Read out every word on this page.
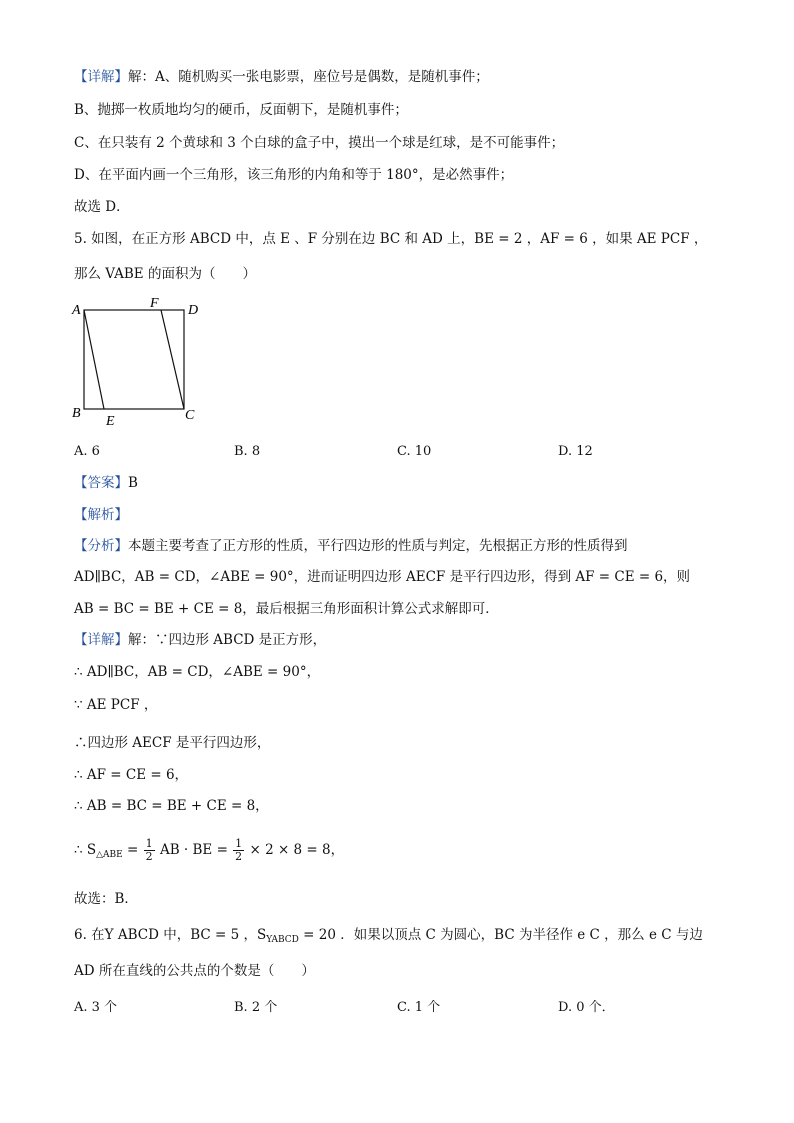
【详解】解：A、随机购买一张电影票，座位号是偶数，是随机事件；
B、抛掷一枚质地均匀的硬币，反面朝下，是随机事件；
C、在只装有 2 个黄球和 3 个白球的盒子中，摸出一个球是红球，是不可能事件；
D、在平面内画一个三角形，该三角形的内角和等于 180°，是必然事件；
故选 D．
5. 如图，在正方形 ABCD 中，点 E 、F 分别在边 BC 和 AD 上，BE = 2 ，AF = 6 ，如果 AE PCF ，
那么 VABE 的面积为（　　）
A	F D
B
E	C
A. 6	B. 8	C. 10	D. 12
【答案】B
【解析】
【分析】本题主要考查了正方形的性质，平行四边形的性质与判定，先根据正方形的性质得到
AD∥BC，AB = CD，∠ABE = 90°，进而证明四边形 AECF 是平行四边形，得到 AF = CE = 6，则
AB = BC = BE + CE = 8，最后根据三角形面积计算公式求解即可．
【详解】解：∵四边形 ABCD 是正方形，
∴ AD∥BC，AB = CD，∠ABE = 90°，
∵ AE PCF ，
∴四边形 AECF 是平行四边形，
∴ AF = CE = 6，
∴ AB = BC = BE + CE = 8，
∴ $S_{\triangle ABE} = \frac{1}{2}$ AB · BE = $\frac{1}{2} \times 2 \times 8 = 8$，
故选：B．
6. 在Y ABCD 中，BC = 5 ，$S_{YABCD} = 20$ ．如果以顶点 C 为圆心，BC 为半径作 e C ，那么 e C 与边
AD 所在直线的公共点的个数是（　　）
A. 3 个	B. 2 个	C. 1 个	D. 0 个．
